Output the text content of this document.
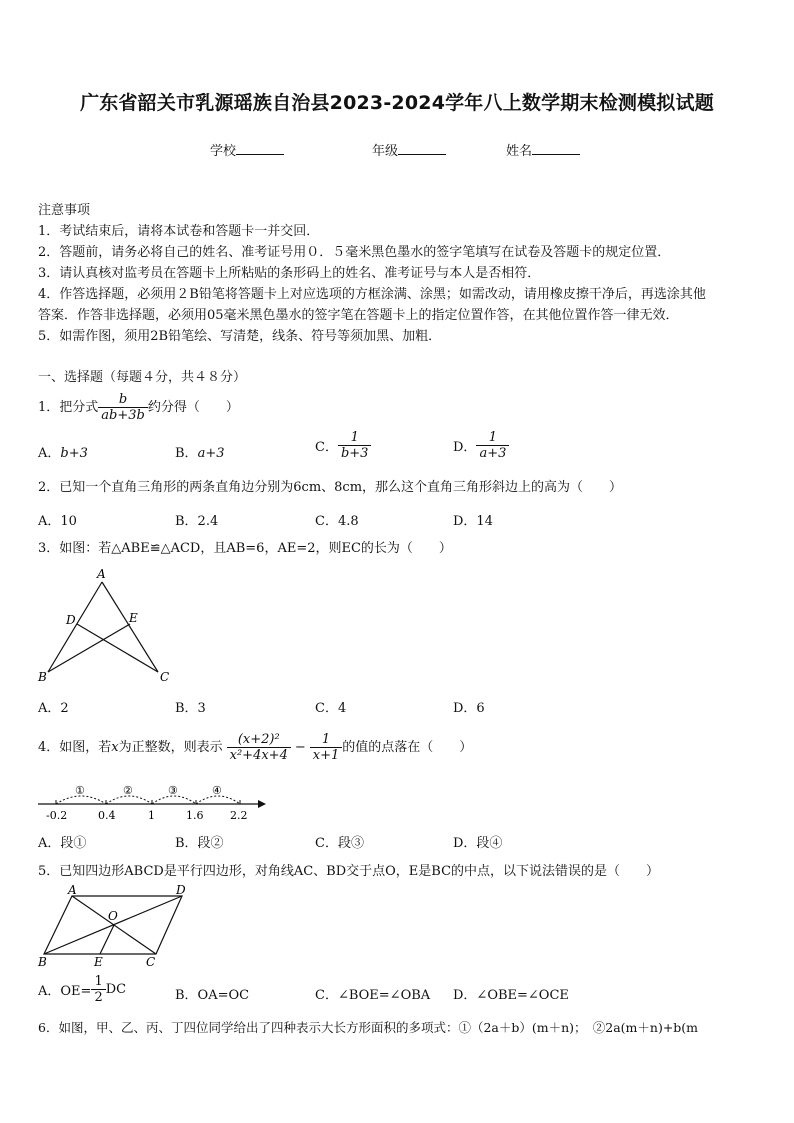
广东省韶关市乳源瑶族自治县2023-2024学年八上数学期末检测模拟试题
学校	年级	姓名
注意事项
1．考试结束后，请将本试卷和答题卡一并交回．
2．答题前，请务必将自己的姓名、准考证号用０．５毫米黑色墨水的签字笔填写在试卷及答题卡的规定位置．
3．请认真核对监考员在答题卡上所粘贴的条形码上的姓名、准考证号与本人是否相符．
4．作答选择题，必须用２B铅笔将答题卡上对应选项的方框涂满、涂黑；如需改动，请用橡皮擦干净后，再选涂其他
答案．作答非选择题，必须用05毫米黑色墨水的签字笔在答题卡上的指定位置作答，在其他位置作答一律无效．
5．如需作图，须用2B铅笔绘、写清楚，线条、符号等须加黑、加粗．
一、选择题（每题４分，共４８分）
1．把分式 $\frac{b}{ab+3b}$ 约分得（　　）
A．b+3	B．a+3	C． $\frac{1}{b+3}$	D． $\frac{1}{a+3}$
2．已知一个直角三角形的两条直角边分别为6cm、8cm，那么这个直角三角形斜边上的高为（　　）
A．10	B．2.4	C．4.8	D．14
3．如图：若△ABE≌△ACD，且AB=6，AE=2，则EC的长为（　　）
A
D	E
B	C
A．2	B．3	C．4	D．6
4．如图，若 x 为正整数，则表示 $\frac{\text{(x+2)²}}{\text{x²+4x+4}} - \frac{1}{x+1}$ 的值的点落在（　　）
①	②	③	④
-0.2	0.4	1	1.6 2.2
A．段①	B．段②	C．段③	D．段④
5．已知四边形ABCD是平行四边形，对角线AC、BD交于点O，E是BC的中点，以下说法错误的是（　　）
A	D
O
B	E	C
A．$OE= \frac{1}{2}$ DC	B．OA=OC	C．∠BOE=∠OBA D．∠OBE=∠OCE
6．如图，甲、乙、丙、丁四位同学给出了四种表示大长方形面积的多项式：①（2a＋b）(m＋n)；　②2a(m＋n)+b(m
